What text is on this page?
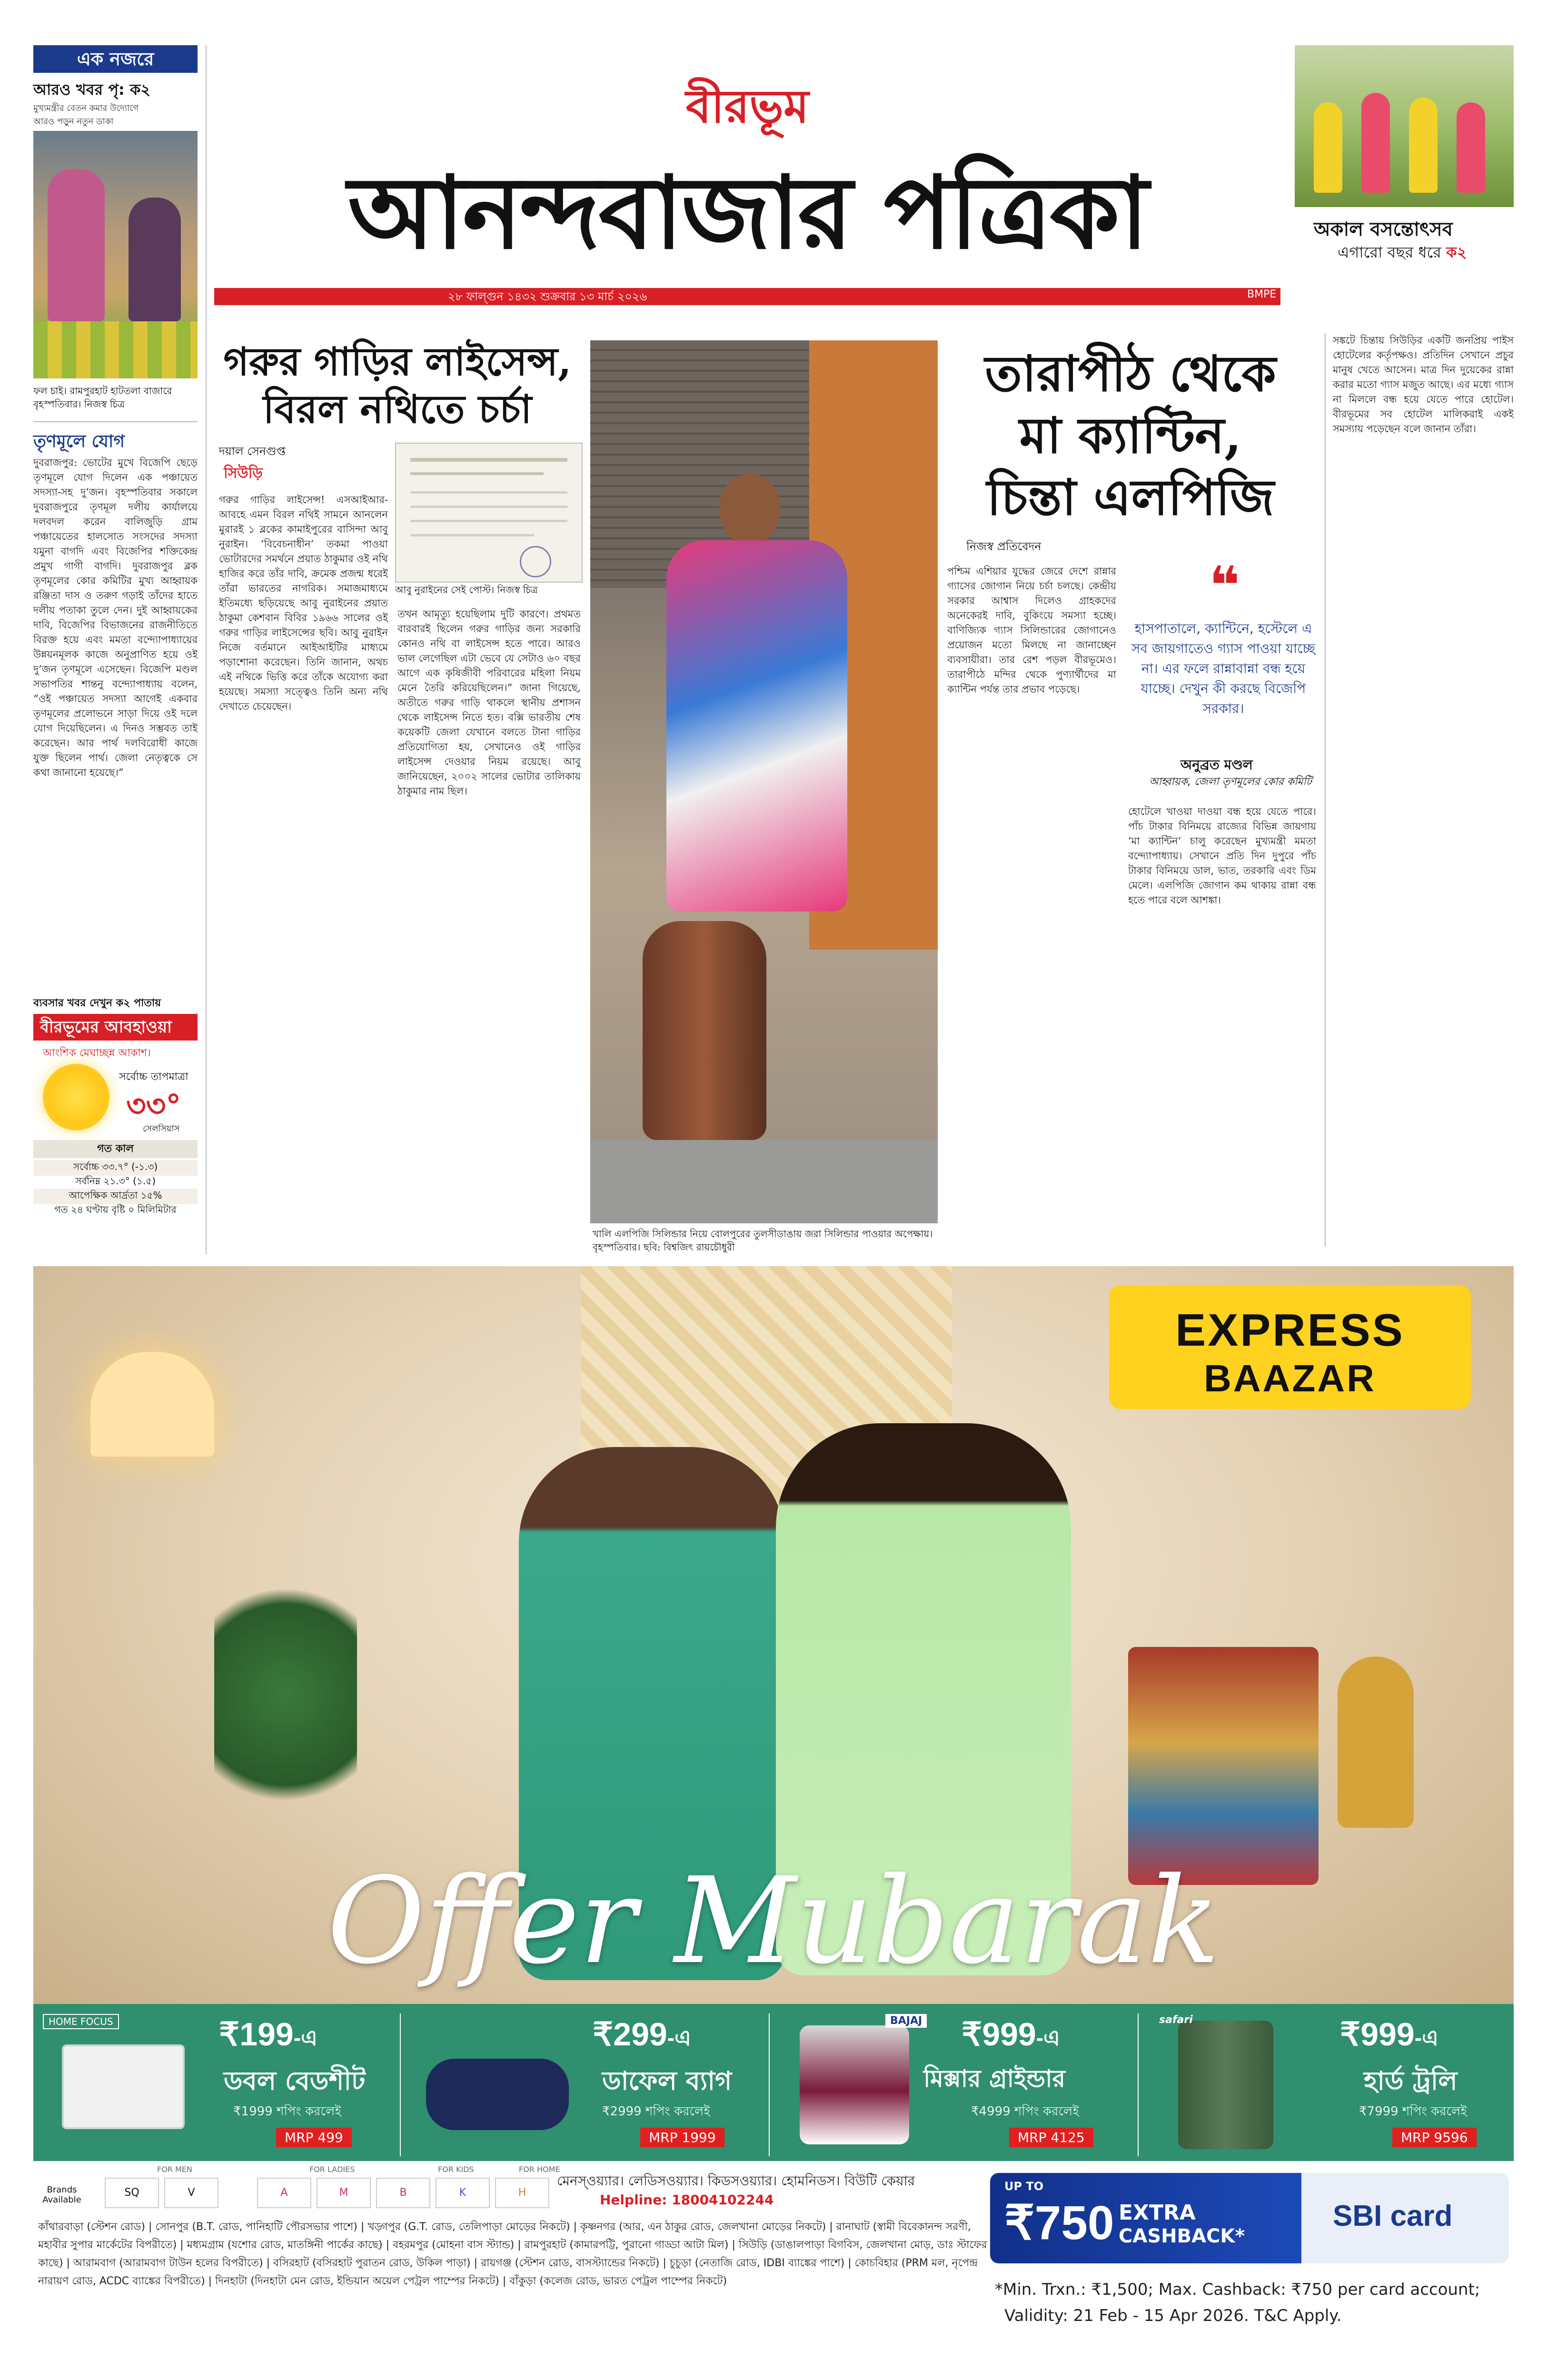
এক নজরে
আরও খবর পৃ: ক২
মুখ্যমন্ত্রীর বেতন কমার উদ্যোগে
আরও পড়ুন নতুন ডাকা
ফল চাই। রামপুরহাট হাটতলা বাজারে বৃহস্পতিবার। নিজস্ব চিত্র
তৃণমূলে যোগ
দুবরাজপুর: ভোটের মুখে বিজেপি ছেড়ে তৃণমূলে যোগ দিলেন এক পঞ্চায়েত সদস্যা-সহ দু’জন। বৃহস্পতিবার সকালে দুবরাজপুরে তৃণমূল দলীয় কার্যালয়ে দলবদল করেন বালিজুড়ি গ্রাম পঞ্চায়েতের হালসোত সংসদের সদস্যা যমুনা বাগদি এবং বিজেপির শক্তিকেন্দ্র প্রমুখ গাগী বাগদি। দুবরাজপুর ব্লক তৃণমূলের কোর কমিটির মুখ্য আহ্বায়ক রঞ্জিতা দাস ও তরুণ গড়াই তাঁদের হাতে দলীয় পতাকা তুলে দেন। দুই আহ্বায়কের দাবি, বিজেপির বিভাজনের রাজনীতিতে বিরক্ত হয়ে এবং মমতা বন্দ্যোপাধ্যায়ের উন্নয়নমূলক কাজে অনুপ্রাণিত হয়ে ওই দু’জন তৃণমূলে এসেছেন। বিজেপি মণ্ডল সভাপতির শান্তনু বন্দ্যোপাধ্যায় বলেন, “ওই পঞ্চায়েত সদস্যা আগেই একবার তৃণমূলের প্রলোভনে সাড়া দিয়ে ওই দলে যোগ দিয়েছিলেন। এ দিনও সম্ভবত তাই করেছেন। আর পার্থ দলবিরোধী কাজে যুক্ত ছিলেন পার্থ। জেলা নেতৃত্বকে সে কথা জানানো হয়েছে।”
ব্যবসার খবর দেখুন ক২ পাতায়
বীরভূমের আবহাওয়া
আংশিক মেঘাচ্ছন্ন আকাশ।
সর্বোচ্চ তাপমাত্রা
৩৩°
সেলসিয়াস
গত কাল
সর্বোচ্চ ৩৩.৭° (-১.৩)
সর্বনিম্ন ২১.৩° (১.৫)
আপেক্ষিক আর্দ্রতা ১৫%
গত ২৪ ঘণ্টায় বৃষ্টি ০ মিলিমিটার
বীরভূম
আনন্দবাজার পত্রিকা
২৮ ফাল্গুন ১৪৩২ শুক্রবার ১৩ মার্চ ২০২৬	BMPE
অকাল বসন্তোৎসব
এগারো বছর ধরে ক২
গরুর গাড়ির লাইসেন্স,
বিরল নথিতে চর্চা
দয়াল সেনগুপ্ত
সিউড়ি
আবু নুরাইনের সেই পোস্ট। নিজস্ব চিত্র
গরুর গাড়ির লাইসেন্স! এসআইআর-আবহে এমন বিরল নথিই সামনে আনলেন মুরারই ১ ব্লকের কামাইপুরের বাসিন্দা আবু নুরাইন। ‘বিবেচনাধীন’ তকমা পাওয়া ভোটারদের সমর্থনে প্রয়াত ঠাকুমার ওই নথি হাজির করে তাঁর দাবি, ক্রমেক প্রজন্ম ধরেই তাঁরা ভারতের নাগরিক। সমাজমাধ্যমে ইতিমধ্যে ছড়িয়েছে আবু নুরাইনের প্রয়াত ঠাকুমা কেশবান বিবির ১৯৬৬ সালের ওই গরুর গাড়ির লাইসেন্সের ছবি। আবু নুরাইন নিজে বর্তমানে আইআইটির মাধ্যমে পড়াশোনা করেছেন। তিনি জানান, অথচ এই নথিকে ভিত্তি করে তাঁকে অযোগ্য করা হয়েছে। সমস্যা সত্ত্বেও তিনি অন্য নথি দেখাতে চেয়েছেন।
তখন আমৃত্যু হয়েছিলাম দুটি কারণে। প্রথমত বারবারই ছিলেন গরুর গাড়ির জন্য সরকারি কোনও নথি বা লাইসেন্স হতে পারে। আরও ভাল লেগেছিল এটা ভেবে যে সেটাও ৬০ বছর আগে এক কৃষিজীবী পরিবারের মহিলা নিয়ম মেনে তৈরি করিয়েছিলেন।” জানা গিয়েছে, অতীতে গরুর গাড়ি থাকলে স্থানীয় প্রশাসন থেকে লাইসেন্স নিতে হত। বক্সি ভারতীয় শেষ কয়েকটি জেলা যেখানে বলতে টানা গাড়ির প্রতিযোগিতা হয়, সেখানেও ওই গাড়ির লাইসেন্স দেওয়ার নিয়ম রয়েছে। আবু জানিয়েছেন, ২০০২ সালের ভোটার তালিকায় ঠাকুমার নাম ছিল।
খালি এলপিজি সিলিন্ডার নিয়ে বোলপুরের তুলসীডাঙায় জরা সিলিন্ডার পাওয়ার অপেক্ষায়। বৃহস্পতিবার। ছবি: বিশ্বজিৎ রায়চৌধুরী
তারাপীঠ থেকে
মা ক্যান্টিন,
চিন্তা এলপিজি
নিজস্ব প্রতিবেদন
❝
হাসপাতালে, ক্যান্টিনে, হস্টেলে এ সব জায়গাতেও গ্যাস পাওয়া যাচ্ছে না। এর ফলে রান্নাবান্না বন্ধ হয়ে যাচ্ছে। দেখুন কী করছে বিজেপি সরকার।
অনুব্রত মণ্ডল
আহ্বায়ক, জেলা তৃণমূলের কোর কমিটি
পশ্চিম এশিয়ার যুদ্ধের জেরে দেশে রান্নার গ্যাসের জোগান নিয়ে চর্চা চলছে। কেন্দ্রীয় সরকার আশ্বাস দিলেও গ্রাহকদের অনেকেরই দাবি, বুকিংয়ে সমস্যা হচ্ছে। বাণিজ্যিক গ্যাস সিলিন্ডারের জোগানেও প্রয়োজন মতো মিলছে না জানাচ্ছেন ব্যবসায়ীরা। তার রেশ পড়ল বীরভূমেও। তারাপীঠে মন্দির থেকে পুণ্যার্থীদের মা ক্যান্টিন পর্যন্ত তার প্রভাব পড়েছে।
হোটেলে খাওয়া দাওয়া বন্ধ হয়ে যেতে পারে। পাঁচ টাকার বিনিময়ে রাজ্যের বিভিন্ন জায়গায় ‘মা ক্যান্টিন’ চালু করেছেন মুখ্যমন্ত্রী মমতা বন্দ্যোপাধ্যায়। সেখানে প্রতি দিন দুপুরে পাঁচ টাকার বিনিময়ে ডাল, ভাত, তরকারি এবং ডিম মেলে। এলপিজি জোগান কম থাকায় রান্না বন্ধ হতে পারে বলে আশঙ্কা।
সঙ্কটে চিন্তায় সিউড়ির একটি জনপ্রিয় পাইস হোটেলের কর্তৃপক্ষও। প্রতিদিন সেখানে প্রচুর মানুষ খেতে আসেন। মাত্র দিন দুয়েকের রান্না করার মতো গ্যাস মজুত আছে। এর মধ্যে গ্যাস না মিললে বন্ধ হয়ে যেতে পারে হোটেল। বীরভূমের সব হোটেল মালিকরাই একই সমস্যায় পড়েছেন বলে জানান তাঁরা।
EXPRESS
BAAZAR
Offer Mubarak
HOME FOCUS	₹199-এ
ডবল বেডশীট
₹1999 শপিং করলেই
MRP 499
₹299-এ
ডাফেল ব্যাগ
₹2999 শপিং করলেই
MRP 1999
BAJAJ ₹999-এ
মিক্সার গ্রাইন্ডার
₹4999 শপিং করলেই
MRP 4125
safari	₹999-এ
হার্ড ট্রলি
₹7999 শপিং করলেই
MRP 9596
Brands Available
FOR MEN	FOR LADIES	FOR KIDS	FOR HOME
SQ	V	A	M	B	K	H
মেনস্ওয়্যার। লেডিসওয়্যার। কিডসওয়্যার। হোমনিডস। বিউটি কেয়ার
Helpline: 18004102244
কাঁথারবাড়া (স্টেশন রোড) | সোনপুর (B.T. রোড, পানিহাটি পৌরসভার পাশে) | খড়্গপুর (G.T. রোড, তেলিপাড়া মোড়ের নিকটে) | কৃষ্ণনগর (আর, এন ঠাকুর রোড, জেলখানা মোড়ের নিকটে) | রানাঘাট (স্বামী বিবেকানন্দ সরণী, মহাবীর সুপার মার্কেটের বিপরীতে) | মধ্যমগ্রাম (যশোর রোড, মাতঙ্গিনী পার্কের কাছে) | বহরমপুর (মোহনা বাস স্ট্যান্ড) | রামপুরহাট (কামারপট্টি, পুরানো গাড্ডা আটা মিল) | সিউড়ি (ডাঙালপাড়া বিগবিস, জেলখানা মোড়, ডাঃ স্টাফের কাছে) | আরামবাগ (আরামবাগ টাউন হলের বিপরীতে) | বসিরহাট (বসিরহাট পুরাতন রোড, উকিল পাড়া) | রায়গঞ্জ (স্টেশন রোড, বাসস্ট্যান্ডের নিকটে) | চুচুড়া (নেতাজি রোড, IDBI ব্যাঙ্কের পাশে) | কোচবিহার (PRM মল, নৃপেন্দ্র নারায়ণ রোড, ACDC ব্যাঙ্কের বিপরীতে) | দিনহাটা (দিনহাটা মেন রোড, ইন্ডিয়ান অয়েল পেট্রল পাম্পের নিকটে) | বাঁকুড়া (কলেজ রোড, ভারত পেট্রল পাম্পের নিকটে)
UP TO
₹750 EXTRA
CASHBACK*
SBI card
*Min. Trxn.: ₹1,500; Max. Cashback: ₹750 per card account;
Validity: 21 Feb - 15 Apr 2026. T&C Apply.
